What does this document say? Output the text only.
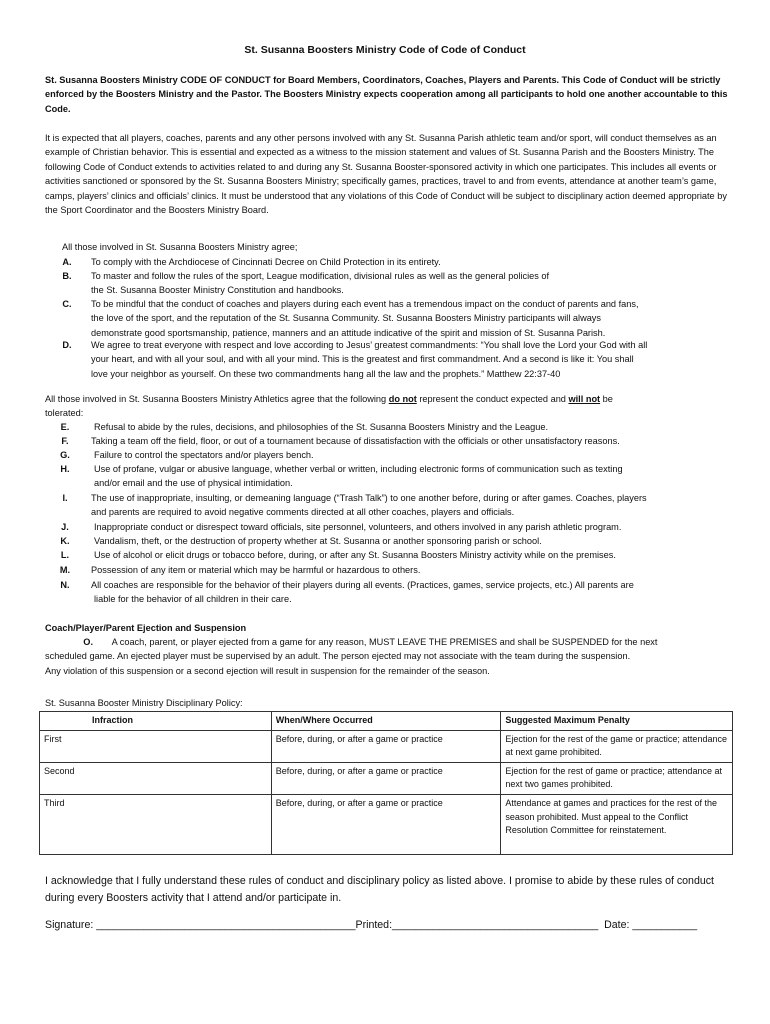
St. Susanna Boosters Ministry Code of Code of Conduct

St. Susanna Boosters Ministry CODE OF CONDUCT for Board Members, Coordinators, Coaches, Players and Parents. This Code of Conduct will be strictly enforced by the Boosters Ministry and the Pastor. The Boosters Ministry expects cooperation among all participants to hold one another accountable to this Code.

It is expected that all players, coaches, parents and any other persons involved with any St. Susanna Parish athletic team and/or sport, will conduct themselves as an example of Christian behavior. This is essential and expected as a witness to the mission statement and values of St. Susanna Parish and the Boosters Ministry. The following Code of Conduct extends to activities related to and during any St. Susanna Booster-sponsored activity in which one participates. This includes all events or activities sanctioned or sponsored by the St. Susanna Boosters Ministry; specifically games, practices, travel to and from events, attendance at another team’s game, camps, players’ clinics and officials’ clinics. It must be understood that any violations of this Code of Conduct will be subject to disciplinary action deemed appropriate by the Sport Coordinator and the Boosters Ministry Board.

All those involved in St. Susanna Boosters Ministry agree;
A. To comply with the Archdiocese of Cincinnati Decree on Child Protection in its entirety.
B. To master and follow the rules of the sport, League modification, divisional rules as well as the general policies of
the St. Susanna Booster Ministry Constitution and handbooks.
C. To be mindful that the conduct of coaches and players during each event has a tremendous impact on the conduct of parents and fans,
the love of the sport, and the reputation of the St. Susanna Community. St. Susanna Boosters Ministry participants will always
demonstrate good sportsmanship, patience, manners and an attitude indicative of the spirit and mission of St. Susanna Parish.
D. We agree to treat everyone with respect and love according to Jesus’ greatest commandments: “You shall love the Lord your God with all
your heart, and with all your soul, and with all your mind. This is the greatest and first commandment. And a second is like it: You shall
love your neighbor as yourself. On these two commandments hang all the law and the prophets.” Matthew 22:37-40
All those involved in St. Susanna Boosters Ministry Athletics agree that the following do not represent the conduct expected and will not be
tolerated:
E.	Refusal to abide by the rules, decisions, and philosophies of the St. Susanna Boosters Ministry and the League.
F.	Taking a team off the field, floor, or out of a tournament because of dissatisfaction with the officials or other unsatisfactory reasons.
G.	Failure to control the spectators and/or players bench.
H.	Use of profane, vulgar or abusive language, whether verbal or written, including electronic forms of communication such as texting
and/or email and the use of physical intimidation.
I.	The use of inappropriate, insulting, or demeaning language (“Trash Talk”) to one another before, during or after games. Coaches, players
and parents are required to avoid negative comments directed at all other coaches, players and officials.
J.	Inappropriate conduct or disrespect toward officials, site personnel, volunteers, and others involved in any parish athletic program.
K.	Vandalism, theft, or the destruction of property whether at St. Susanna or another sponsoring parish or school.
L.	Use of alcohol or elicit drugs or tobacco before, during, or after any St. Susanna Boosters Ministry activity while on the premises.
M. Possession of any item or material which may be harmful or hazardous to others.
N. All coaches are responsible for the behavior of their players during all events. (Practices, games, service projects, etc.) All parents are
liable for the behavior of all children in their care.
Coach/Player/Parent Ejection and Suspension
O. A coach, parent, or player ejected from a game for any reason, MUST LEAVE THE PREMISES and shall be SUSPENDED for the next
scheduled game. An ejected player must be supervised by an adult. The person ejected may not associate with the team during the suspension.
Any violation of this suspension or a second ejection will result in suspension for the remainder of the season.
St. Susanna Booster Ministry Disciplinary Policy:
Infraction	When/Where Occurred	Suggested Maximum Penalty
First	Before, during, or after a game or practice	Ejection for the rest of the game or practice; attendance at next game prohibited.
Second	Before, during, or after a game or practice	Ejection for the rest of game or practice; attendance at next two games prohibited.
Third	Before, during, or after a game or practice	Attendance at games and practices for the rest of the season prohibited. Must appeal to the Conflict Resolution Committee for reinstatement.

I acknowledge that I fully understand these rules of conduct and disciplinary policy as listed above. I promise to abide by these rules of conduct during every Boosters activity that I attend and/or participate in.

Signature: ____________________________________________Printed:___________________________________  Date: ___________
